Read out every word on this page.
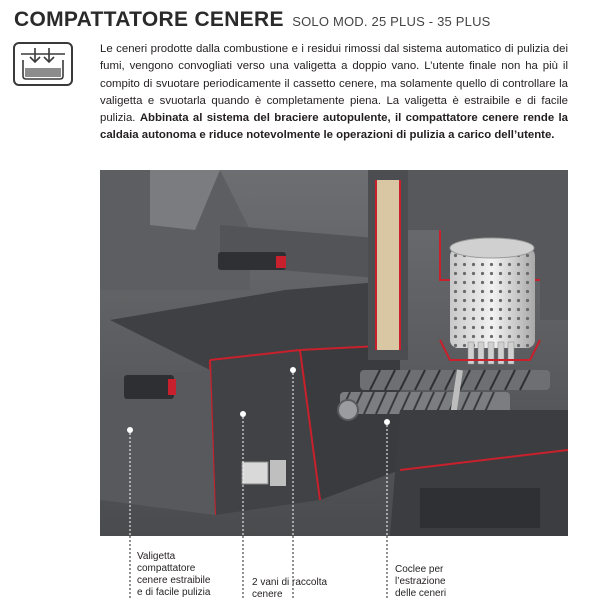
COMPATTATORE CENERE SOLO MOD. 25 PLUS - 35 PLUS
Le ceneri prodotte dalla combustione e i residui rimossi dal sistema automatico di pulizia dei fumi, vengono convogliati verso una valigetta a doppio vano. L’utente finale non ha più il compito di svuotare periodicamente il cassetto cenere, ma solamente quello di controllare la valigetta e svuotarla quando è completamente piena. La valigetta è estraibile e di facile pulizia. Abbinata al sistema del braciere autopulente, il compattatore cenere rende la caldaia autonoma e riduce notevolmente le operazioni di pulizia a carico dell’utente.
Valigetta compattatore cenere estraibile e di facile pulizia
2 vani di raccolta cenere
Coclee per l’estrazione delle ceneri
